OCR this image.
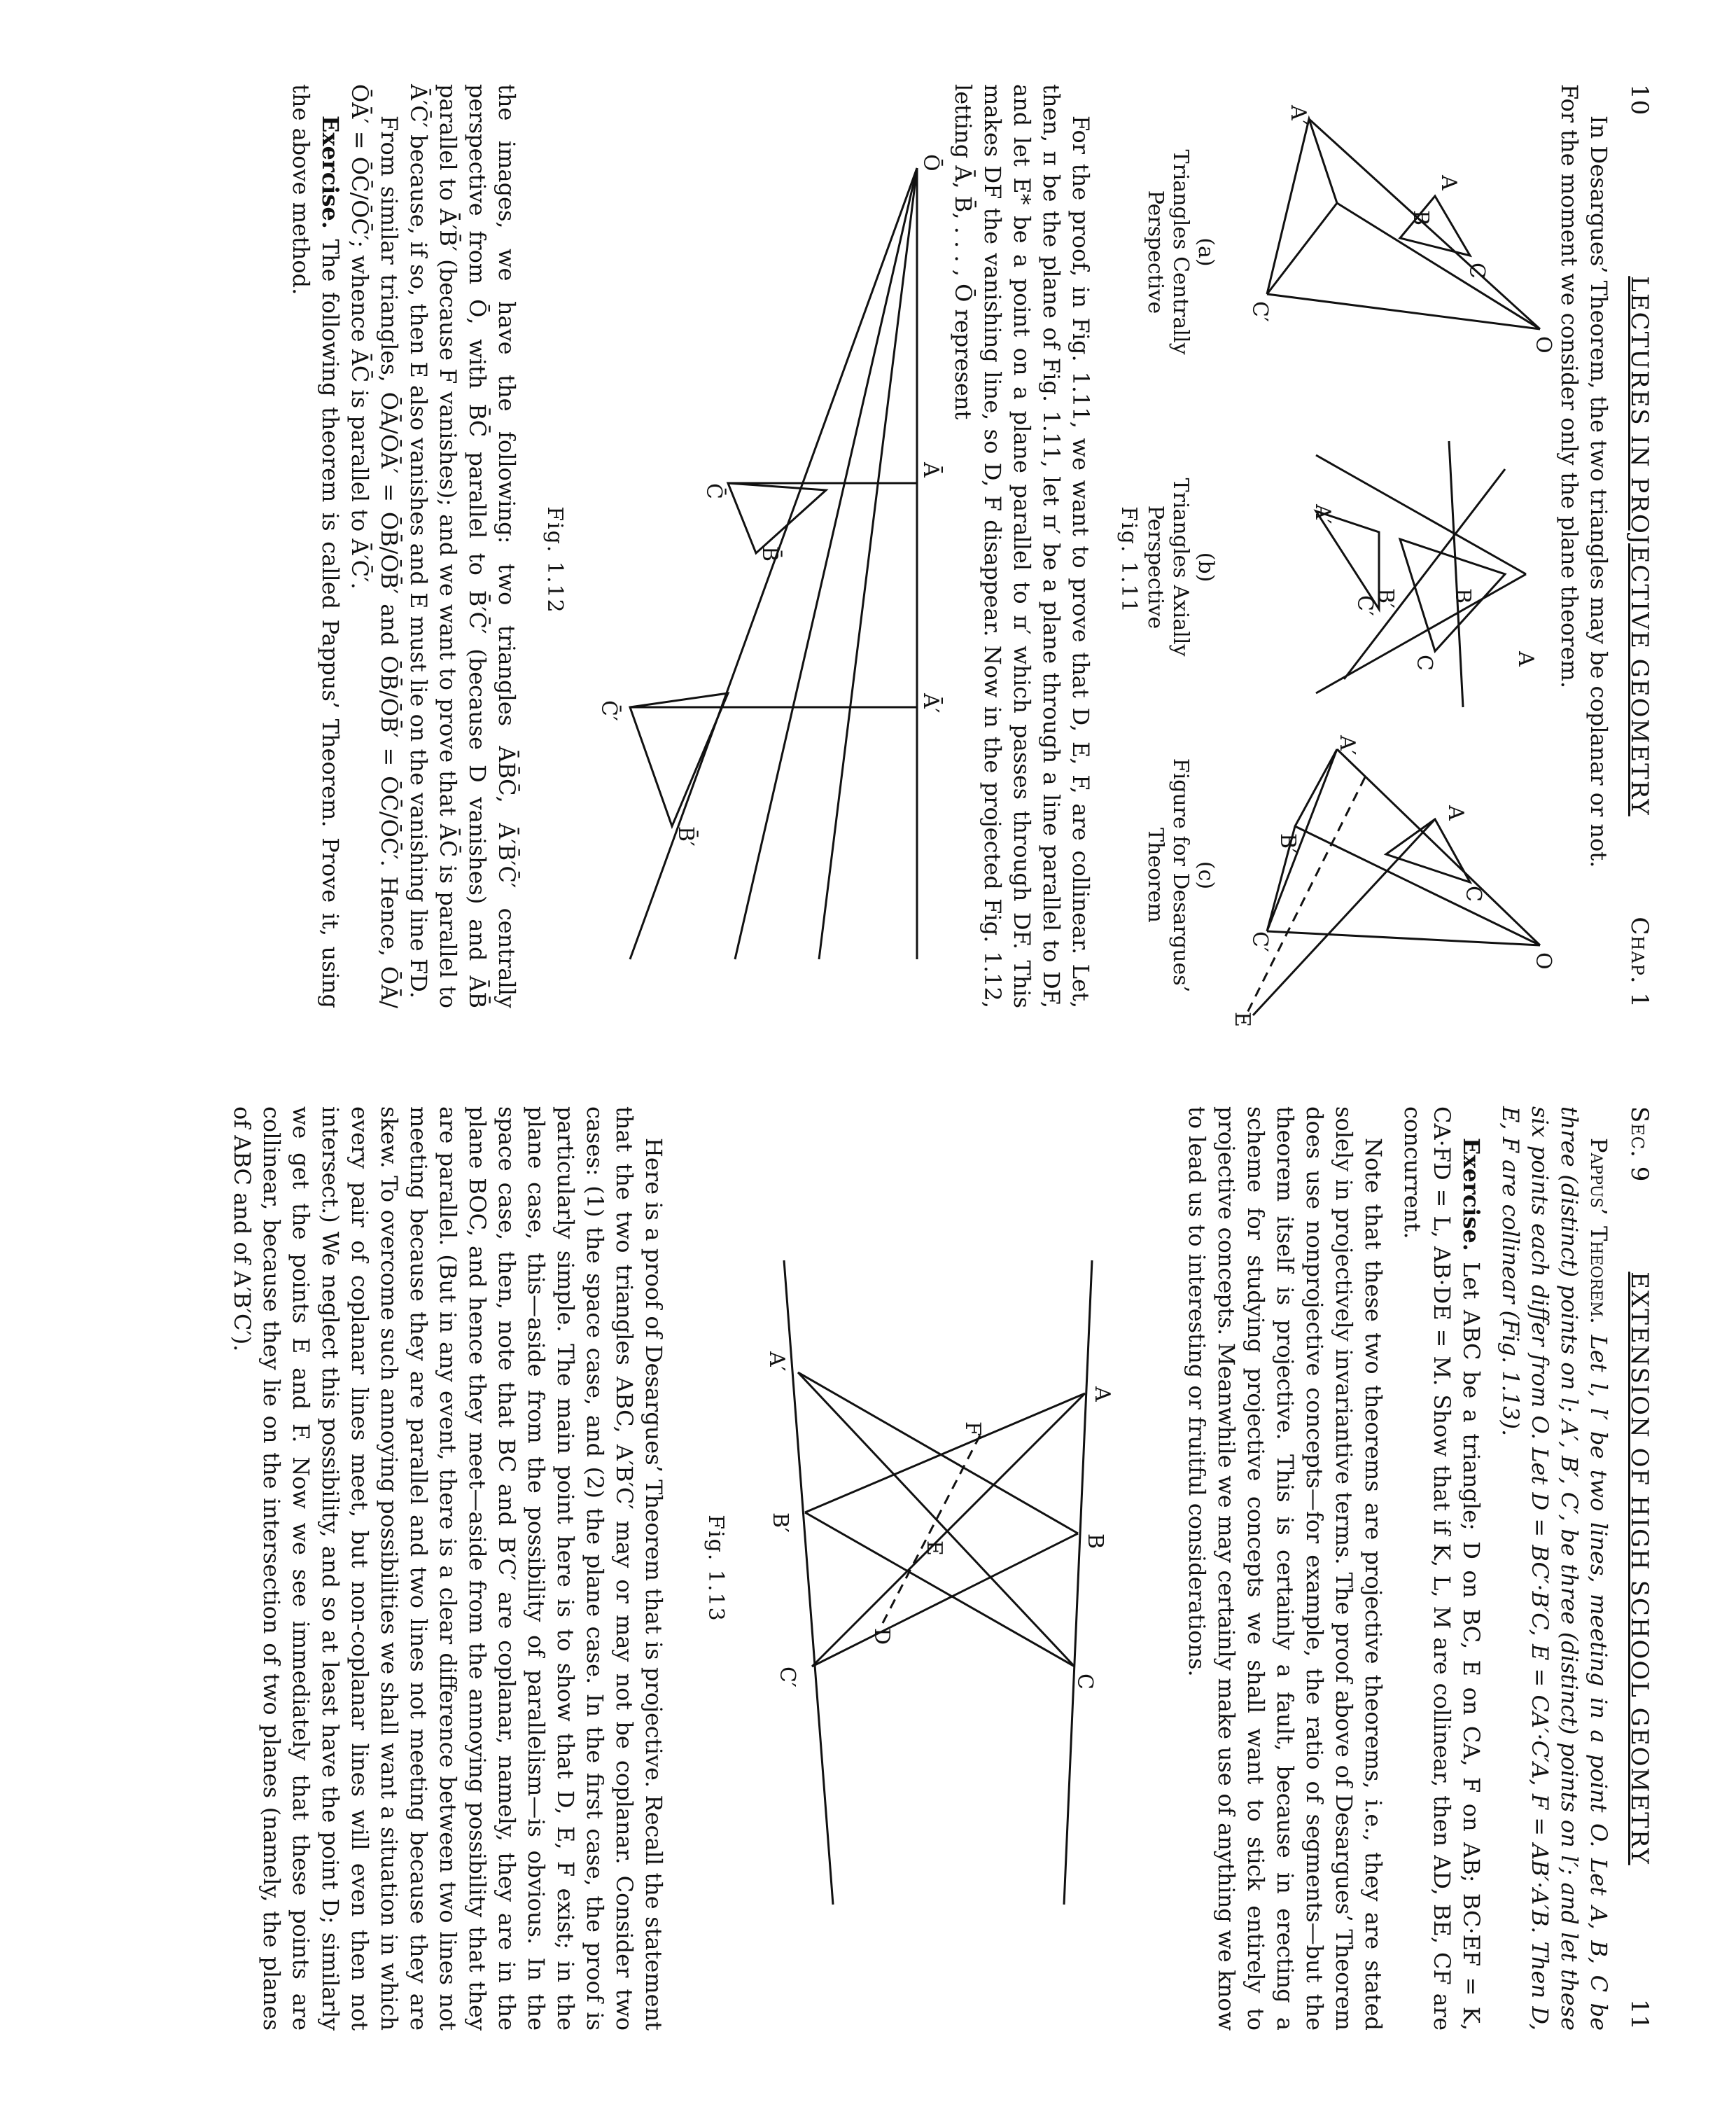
10
LECTURES IN PROJECTIVE GEOMETRY
Chap. 1

In Desargues’ Theorem, the two triangles may be coplanar or not.

For the moment we consider only the plane theorem.

O
A
C
B
A′
C′
A
C
B
B′
C′
A′
O
A
C
A′
B′
C′
E
(a)
Triangles Centrally Perspective
(b)
Triangles Axially Perspective
(c)
Figure for Desargues’ Theorem
Fig. 1.11

For the proof, in Fig. 1.11, we want to prove that D, E, F, are collinear. Let, then, π be the plane of Fig. 1.11, let π′ be a plane through a line parallel to DF, and let E* be a point on a plane parallel to π′ which passes through DF. This makes DF the vanishing line, so D, F disappear. Now in the projected Fig. 1.12, letting Ā, B̄, . . . , Ō represent

Ō
Ā
Ā′
B̄
C̄
B̄′
C̄′
Fig. 1.12

the images, we have the following: two triangles ĀB̄C̄, Ā′B̄′C̄′ centrally perspective from Ō, with B̄C̄ parallel to B̄′C̄′ (because D vanishes) and ĀB̄ parallel to Ā′B̄′ (because F vanishes); and we want to prove that ĀC̄ is parallel to Ā′C̄′ because, if so, then E also vanishes and E must lie on the vanishing line FD.

From similar triangles, ŌĀ/ŌĀ′ = ŌB̄/ŌB̄′ and ŌB̄/ŌB̄′ = ŌC̄/ŌC̄′. Hence, ŌĀ/ŌĀ′ = ŌC̄/ŌC̄′; whence ĀC̄ is parallel to Ā′C̄′.

Exercise. The following theorem is called Pappus’ Theorem. Prove it, using the above method.

Sec. 9
EXTENSION OF HIGH SCHOOL GEOMETRY
11

Pappus’ Theorem. Let l, l′ be two lines, meeting in a point O. Let A, B, C be three (distinct) points on l; A′, B′, C′, be three (distinct) points on l′; and let these six points each differ from O. Let D = BC′·B′C, E = CA′·C′A, F = AB′·A′B. Then D, E, F are collinear (Fig. 1.13).

Exercise. Let ABC be a triangle; D on BC, E on CA, F on AB; BC·EF = K, CA·FD = L, AB·DE = M. Show that if K, L, M are collinear, then AD, BE, CF are concurrent.

Note that these two theorems are projective theorems, i.e., they are stated solely in projectively invariantive terms. The proof above of Desargues’ Theorem does use nonprojective concepts—for example, the ratio of segments—but the theorem itself is projective. This is certainly a fault, because in erecting a scheme for studying projective concepts we shall want to stick entirely to projective concepts. Meanwhile we may certainly make use of anything we know to lead us to interesting or fruitful considerations.

A
B
C
A′
B′
C′
F
E
D
Fig. 1.13

Here is a proof of Desargues’ Theorem that is projective. Recall the statement that the two triangles ABC, A′B′C′ may or may not be coplanar. Consider two cases: (1) the space case, and (2) the plane case. In the first case, the proof is particularly simple. The main point here is to show that D, E, F exist; in the plane case, this—aside from the possibility of parallelism—is obvious. In the space case, then, note that BC and B′C′ are coplanar, namely, they are in the plane BOC, and hence they meet—aside from the annoying possibility that they are parallel. (But in any event, there is a clear difference between two lines not meeting because they are parallel and two lines not meeting because they are skew. To overcome such annoying possibilities we shall want a situation in which every pair of coplanar lines meet, but non-coplanar lines will even then not intersect.) We neglect this possibility, and so at least have the point D; similarly we get the points E and F. Now we see immediately that these points are collinear, because they lie on the intersection of two planes (namely, the planes of ABC and of A′B′C′).
